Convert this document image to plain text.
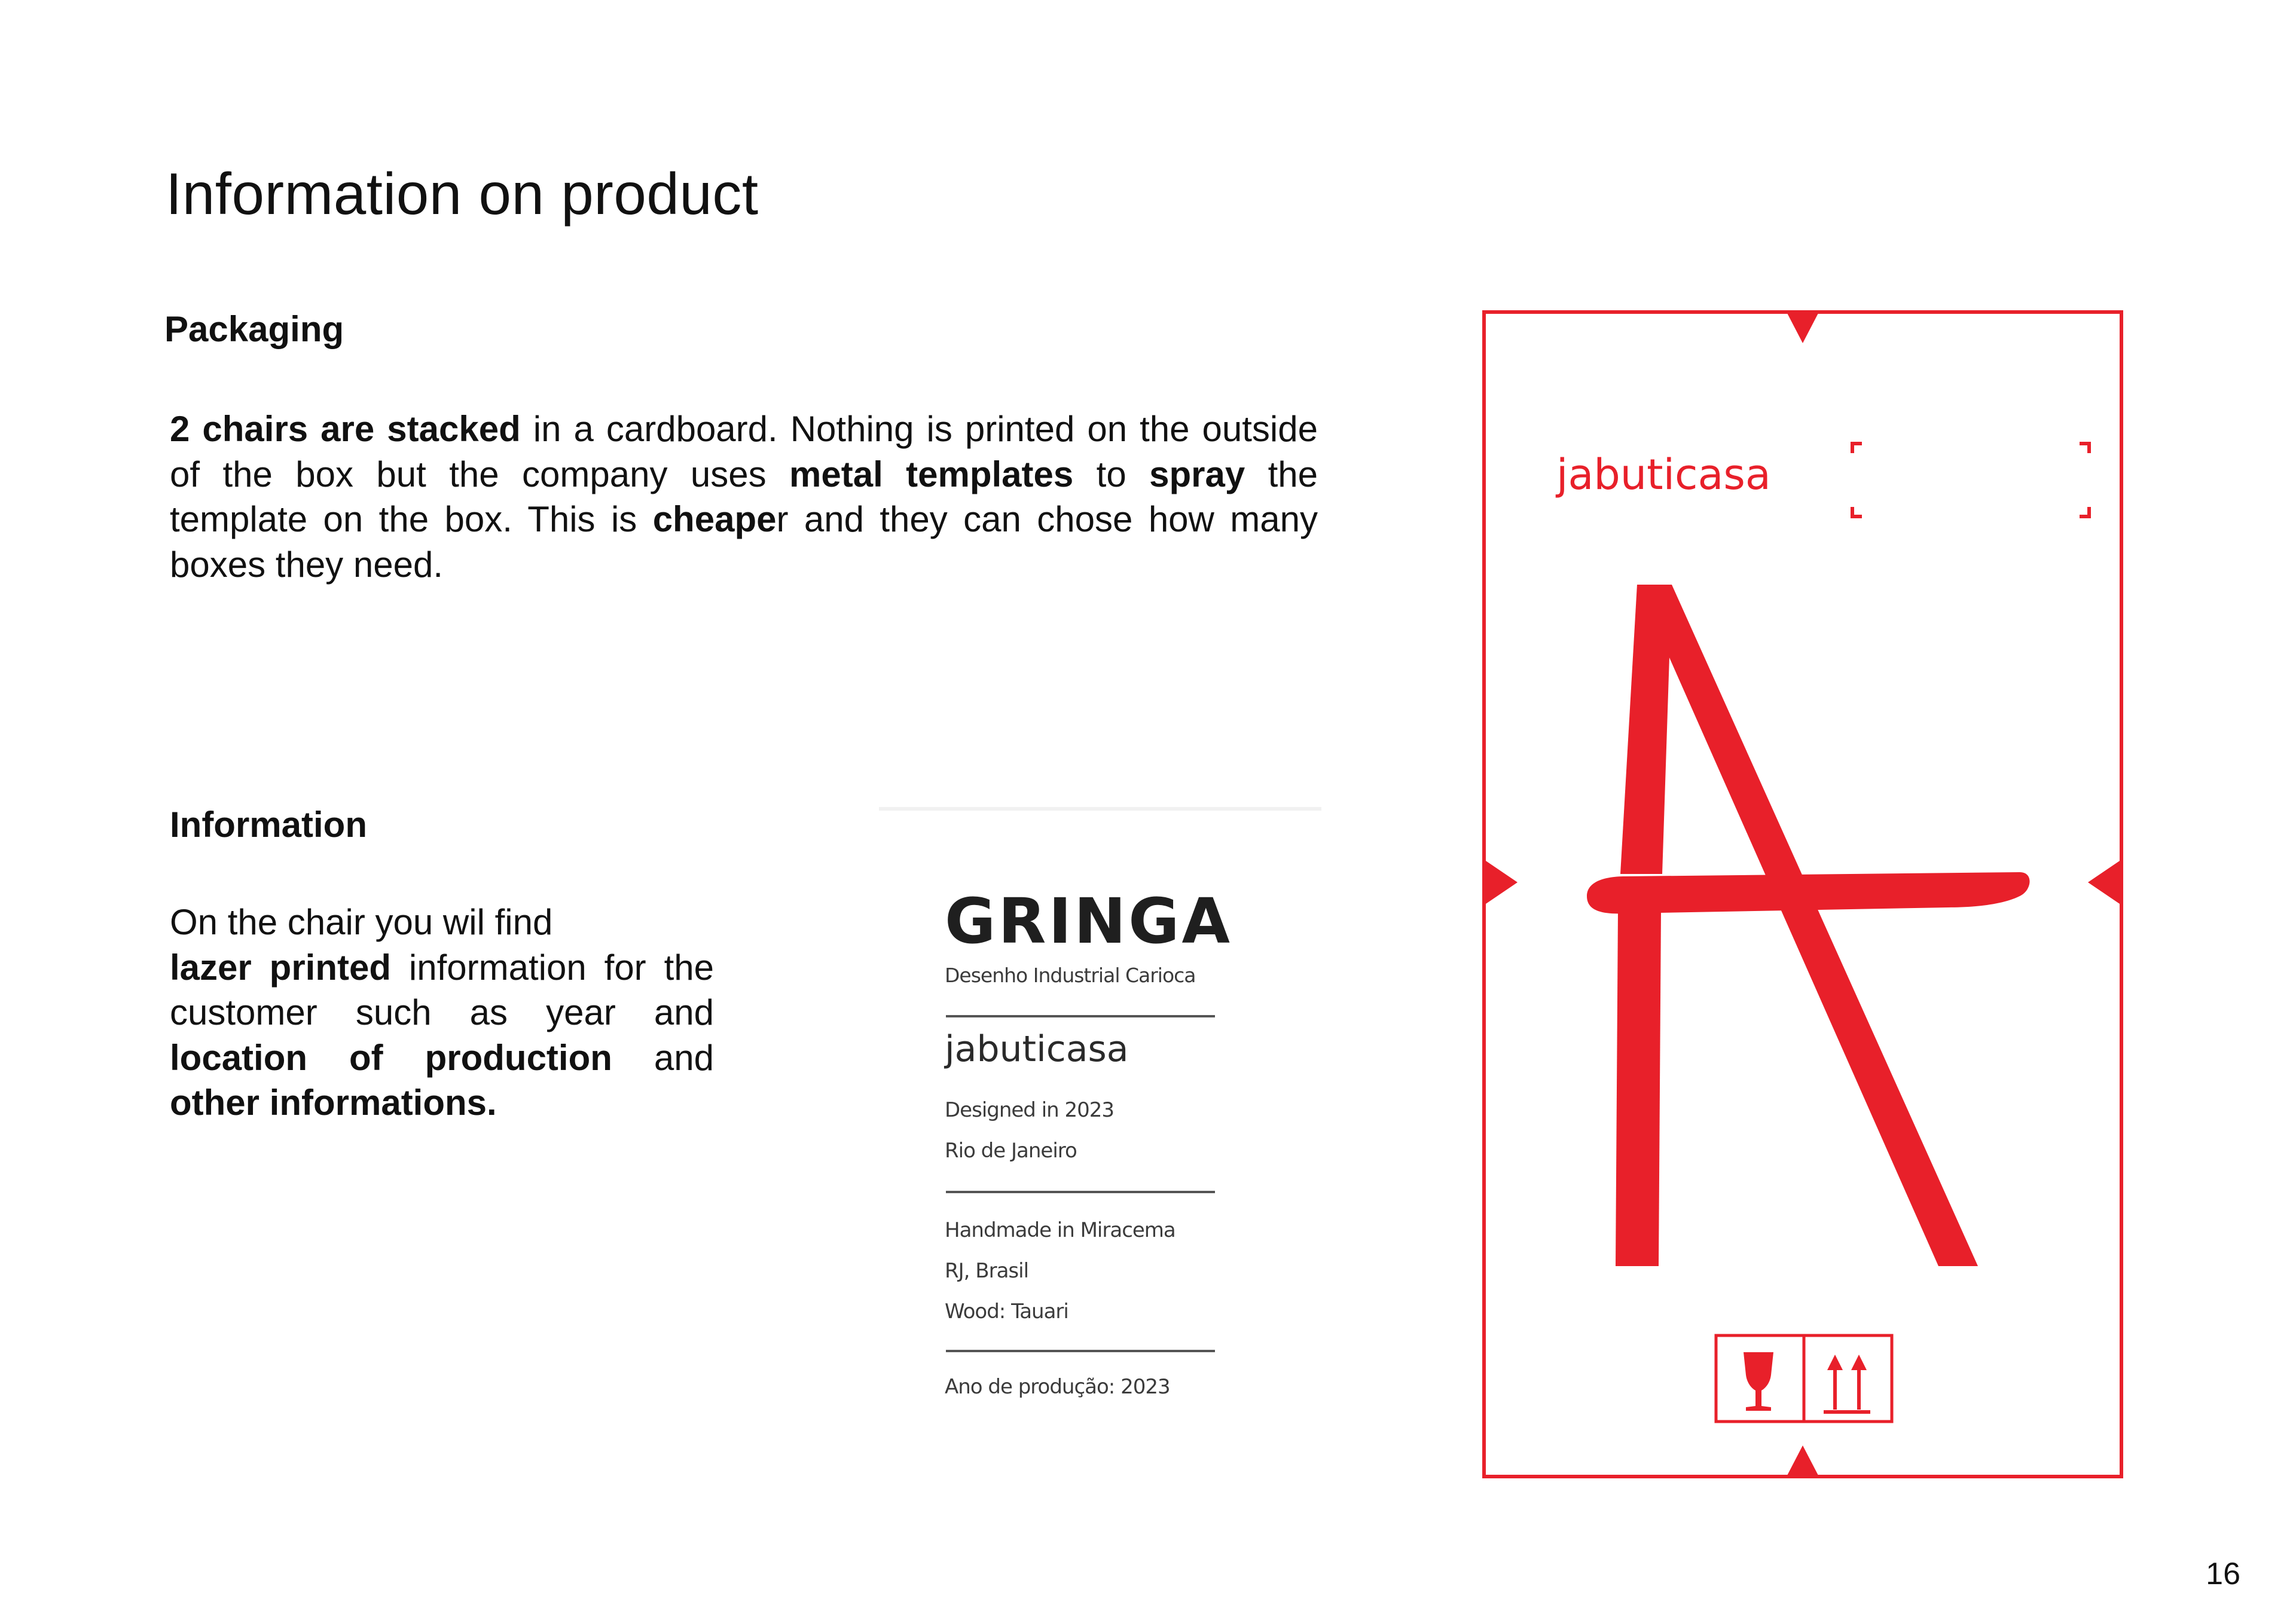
Information on product
Packaging

2 chairs are stacked in a cardboard. Nothing is printed on the outside of the box but the company uses metal templates to spray the template on the box. This is cheaper and they can chose how many boxes they need.

Information

On the chair you wil find
lazer printed information for the customer such as year and location of production and other informations.

GRINGA
Desenho Industrial Carioca
jabuticasa
Designed in 2023
Rio de Janeiro
Handmade in Miracema
RJ, Brasil
Wood: Tauari
Ano de produção: 2023
jabuticasa
16
